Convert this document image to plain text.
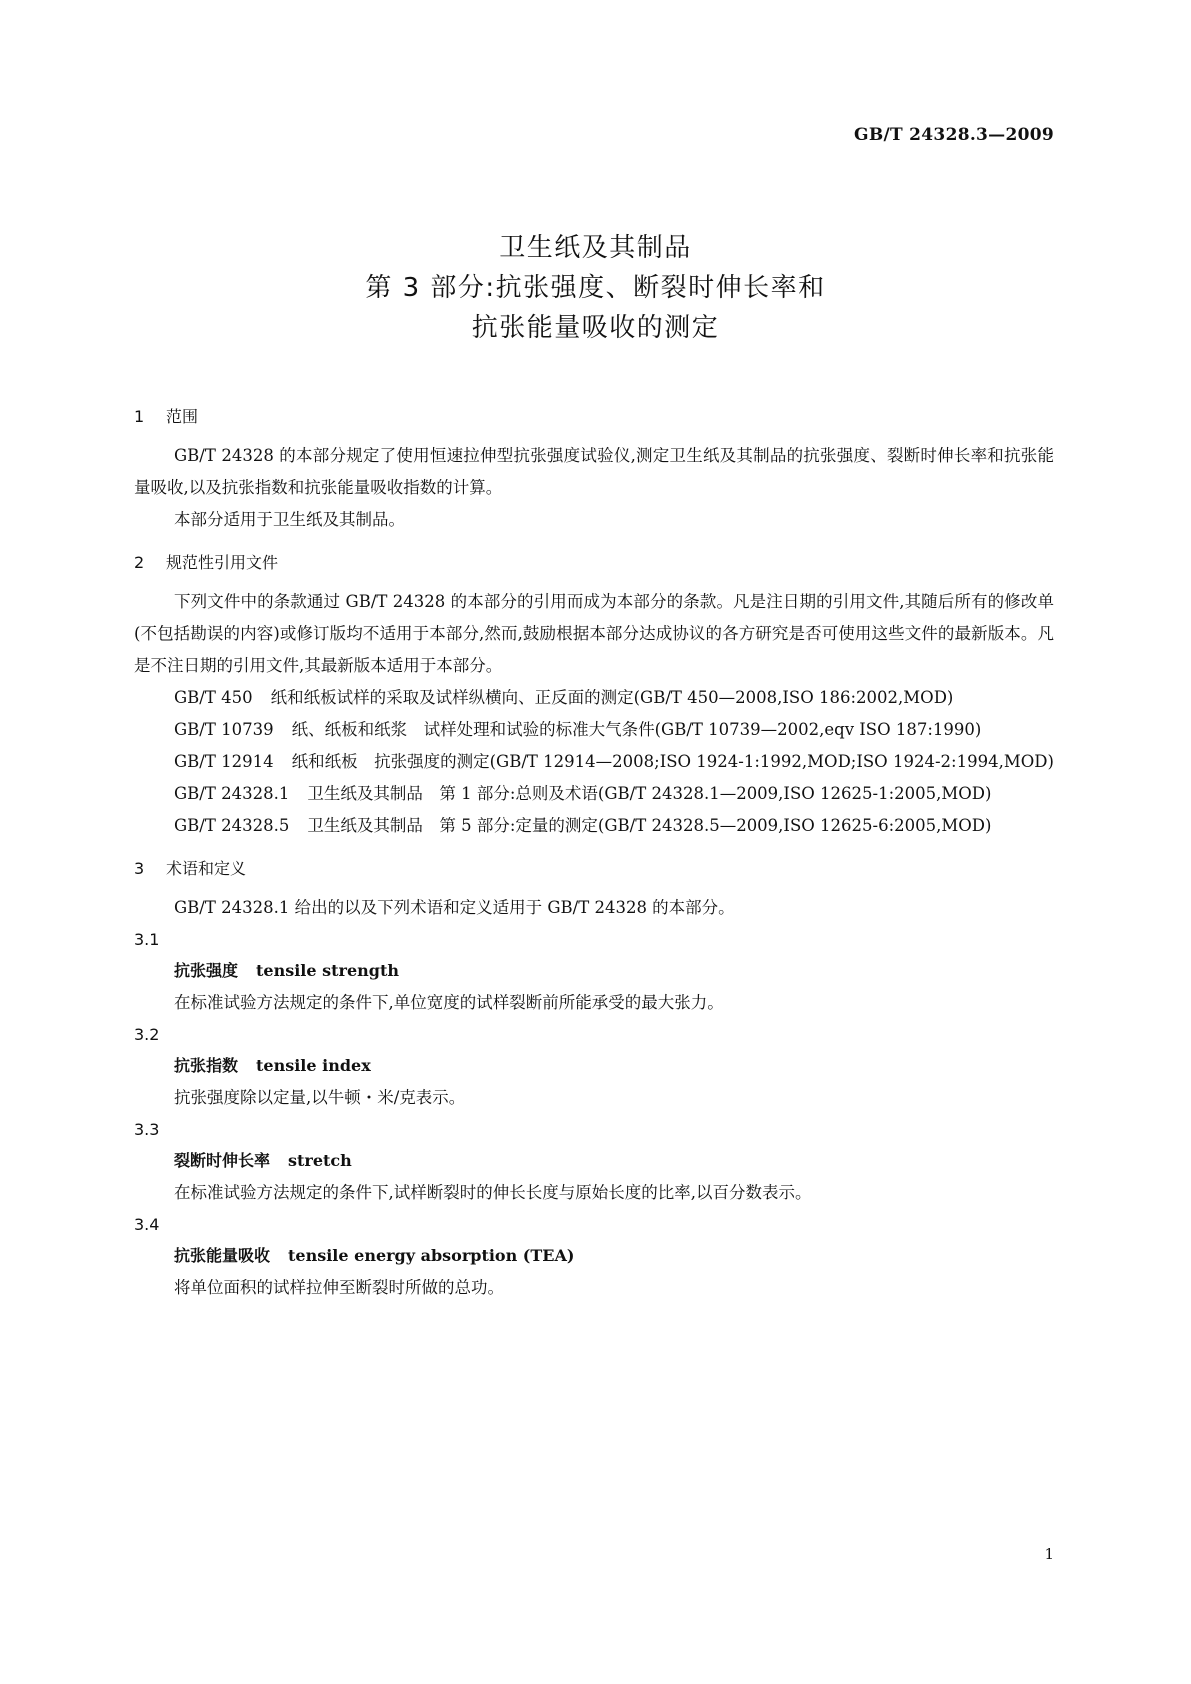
GB/T 24328.3—2009
卫生纸及其制品
第 3 部分:抗张强度、断裂时伸长率和
抗张能量吸收的测定
1 范围

GB/T 24328 的本部分规定了使用恒速拉伸型抗张强度试验仪,测定卫生纸及其制品的抗张强度、裂断时伸长率和抗张能量吸收,以及抗张指数和抗张能量吸收指数的计算。

本部分适用于卫生纸及其制品。

2 规范性引用文件

下列文件中的条款通过 GB/T 24328 的本部分的引用而成为本部分的条款。凡是注日期的引用文件,其随后所有的修改单(不包括勘误的内容)或修订版均不适用于本部分,然而,鼓励根据本部分达成协议的各方研究是否可使用这些文件的最新版本。凡是不注日期的引用文件,其最新版本适用于本部分。

GB/T 450 纸和纸板试样的采取及试样纵横向、正反面的测定(GB/T 450—2008,ISO 186:2002,MOD)

GB/T 10739 纸、纸板和纸浆　试样处理和试验的标准大气条件(GB/T 10739—2002,eqv ISO 187:1990)

GB/T 12914 纸和纸板　抗张强度的测定(GB/T 12914—2008;ISO 1924-1:1992,MOD;ISO 1924-2:1994,MOD)

GB/T 24328.1 卫生纸及其制品　第 1 部分:总则及术语(GB/T 24328.1—2009,ISO 12625-1:2005,MOD)

GB/T 24328.5 卫生纸及其制品　第 5 部分:定量的测定(GB/T 24328.5—2009,ISO 12625-6:2005,MOD)

3 术语和定义

GB/T 24328.1 给出的以及下列术语和定义适用于 GB/T 24328 的本部分。

3.1
抗张强度 tensile strength

在标准试验方法规定的条件下,单位宽度的试样裂断前所能承受的最大张力。

3.2
抗张指数 tensile index

抗张强度除以定量,以牛顿・米/克表示。

3.3
裂断时伸长率 stretch

在标准试验方法规定的条件下,试样断裂时的伸长长度与原始长度的比率,以百分数表示。

3.4
抗张能量吸收 tensile energy absorption (TEA)

将单位面积的试样拉伸至断裂时所做的总功。

1
